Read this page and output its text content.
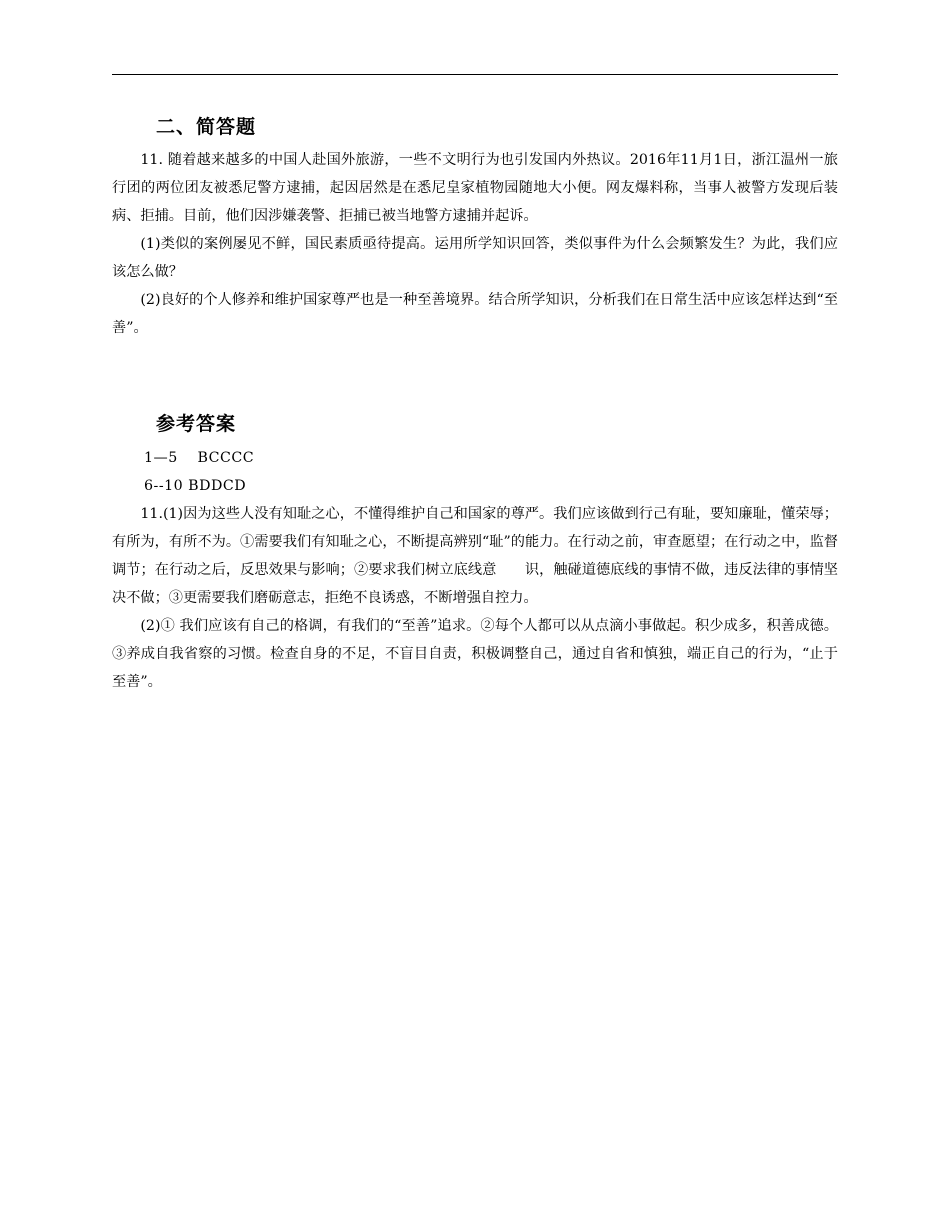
二、简答题

11. 随着越来越多的中国人赴国外旅游，一些不文明行为也引发国内外热议。2016年11月1日，浙江温州一旅行团的两位团友被悉尼警方逮捕，起因居然是在悉尼皇家植物园随地大小便。网友爆料称，当事人被警方发现后装病、拒捕。目前，他们因涉嫌袭警、拒捕已被当地警方逮捕并起诉。

(1)类似的案例屡见不鲜，国民素质亟待提高。运用所学知识回答，类似事件为什么会频繁发生？为此，我们应该怎么做？

(2)良好的个人修养和维护国家尊严也是一种至善境界。结合所学知识，分析我们在日常生活中应该怎样达到“至善”。

参考答案

1—5　 BCCCC

6--10 BDDCD

11.(1)因为这些人没有知耻之心，不懂得维护自己和国家的尊严。我们应该做到行己有耻，要知廉耻，懂荣辱；有所为，有所不为。①需要我们有知耻之心，不断提高辨别“耻”的能力。在行动之前，审查愿望；在行动之中，监督调节；在行动之后，反思效果与影响；②要求我们树立底线意　　识，触碰道德底线的事情不做，违反法律的事情坚决不做；③更需要我们磨砺意志，拒绝不良诱惑，不断增强自控力。

(2)① 我们应该有自己的格调，有我们的“至善”追求。②每个人都可以从点滴小事做起。积少成多，积善成德。③养成自我省察的习惯。检查自身的不足，不盲目自责，积极调整自己，通过自省和慎独，端正自己的行为，“止于至善”。
